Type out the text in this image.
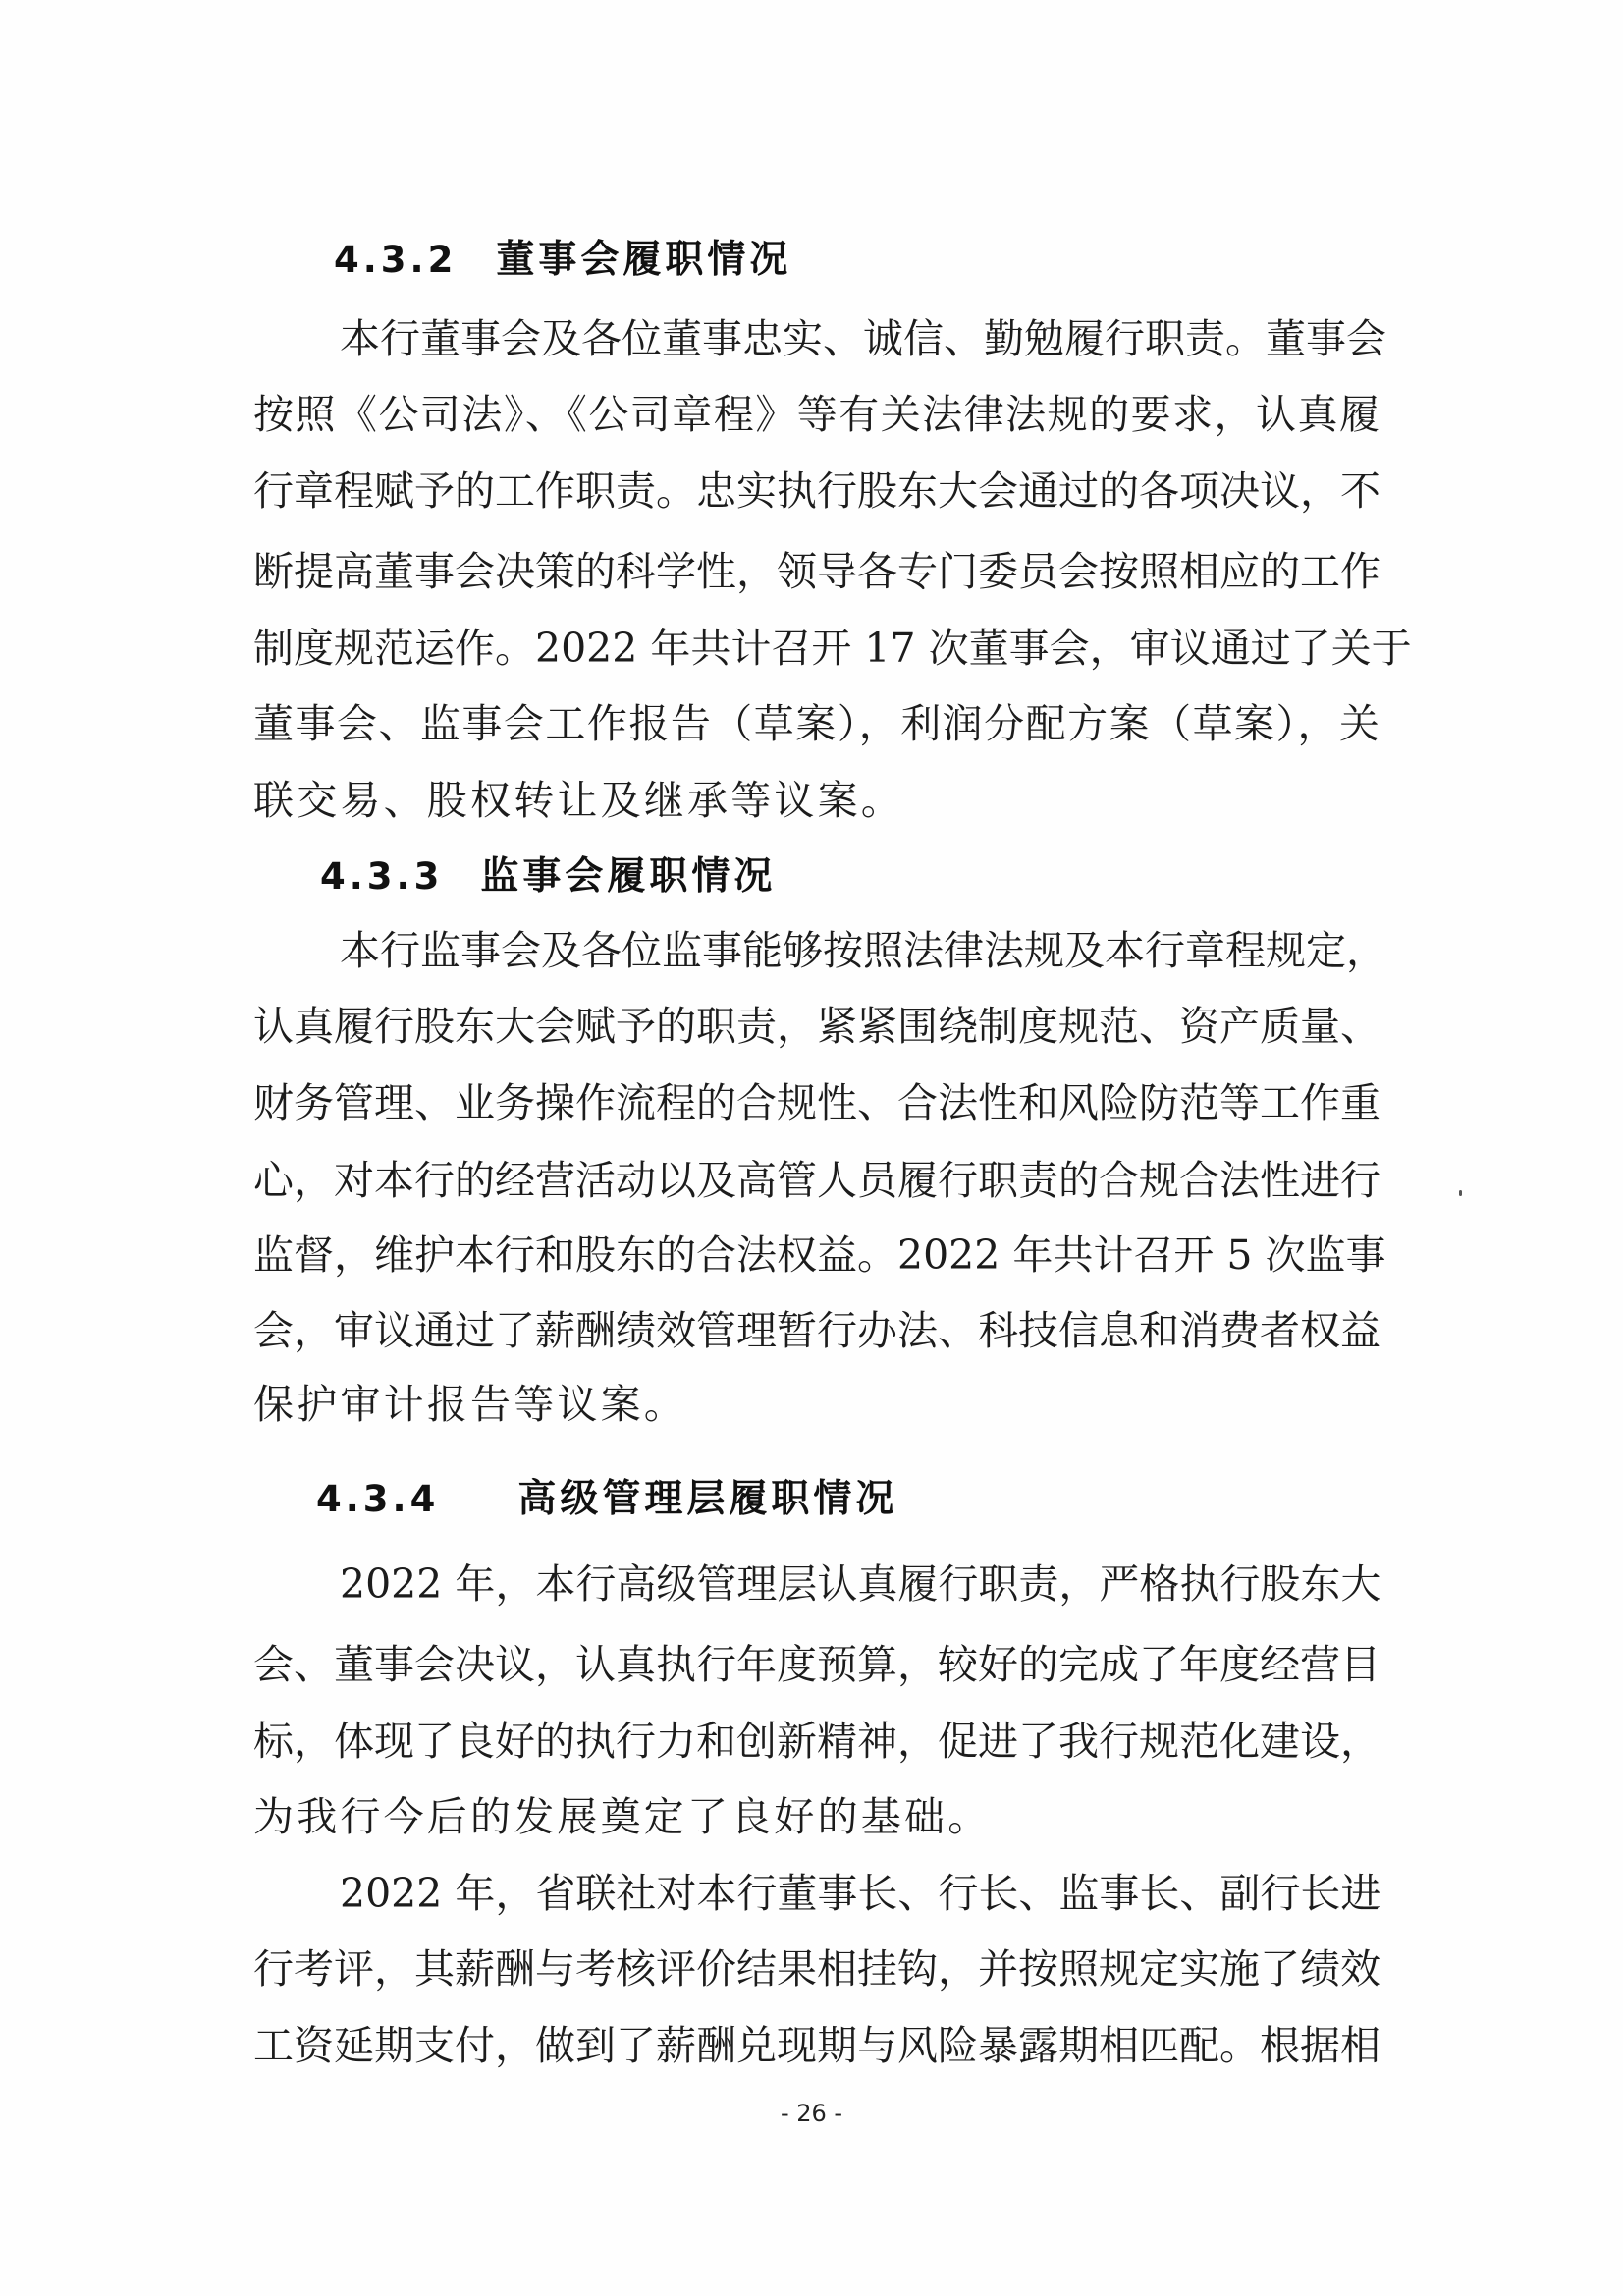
4.3.2 董事会履职情况
本行董事会及各位董事忠实、诚信、勤勉履行职责。董事会
按照《公司法》、《公司章程》等有关法律法规的要求，认真履
行章程赋予的工作职责。忠实执行股东大会通过的各项决议，不
断提高董事会决策的科学性，领导各专门委员会按照相应的工作
制度规范运作。2022 年共计召开 17 次董事会，审议通过了关于
董事会、监事会工作报告（草案），利润分配方案（草案），关
联交易、股权转让及继承等议案。
4.3.3 监事会履职情况
本行监事会及各位监事能够按照法律法规及本行章程规定，
认真履行股东大会赋予的职责，紧紧围绕制度规范、资产质量、
财务管理、业务操作流程的合规性、合法性和风险防范等工作重
心，对本行的经营活动以及高管人员履行职责的合规合法性进行
监督，维护本行和股东的合法权益。2022 年共计召开 5 次监事
会，审议通过了薪酬绩效管理暂行办法、科技信息和消费者权益
保护审计报告等议案。
4.3.4 高级管理层履职情况
2022 年，本行高级管理层认真履行职责，严格执行股东大
会、董事会决议，认真执行年度预算，较好的完成了年度经营目
标，体现了良好的执行力和创新精神，促进了我行规范化建设，
为我行今后的发展奠定了良好的基础。
2022 年，省联社对本行董事长、行长、监事长、副行长进
行考评，其薪酬与考核评价结果相挂钩，并按照规定实施了绩效
工资延期支付，做到了薪酬兑现期与风险暴露期相匹配。根据相
- 26 -
